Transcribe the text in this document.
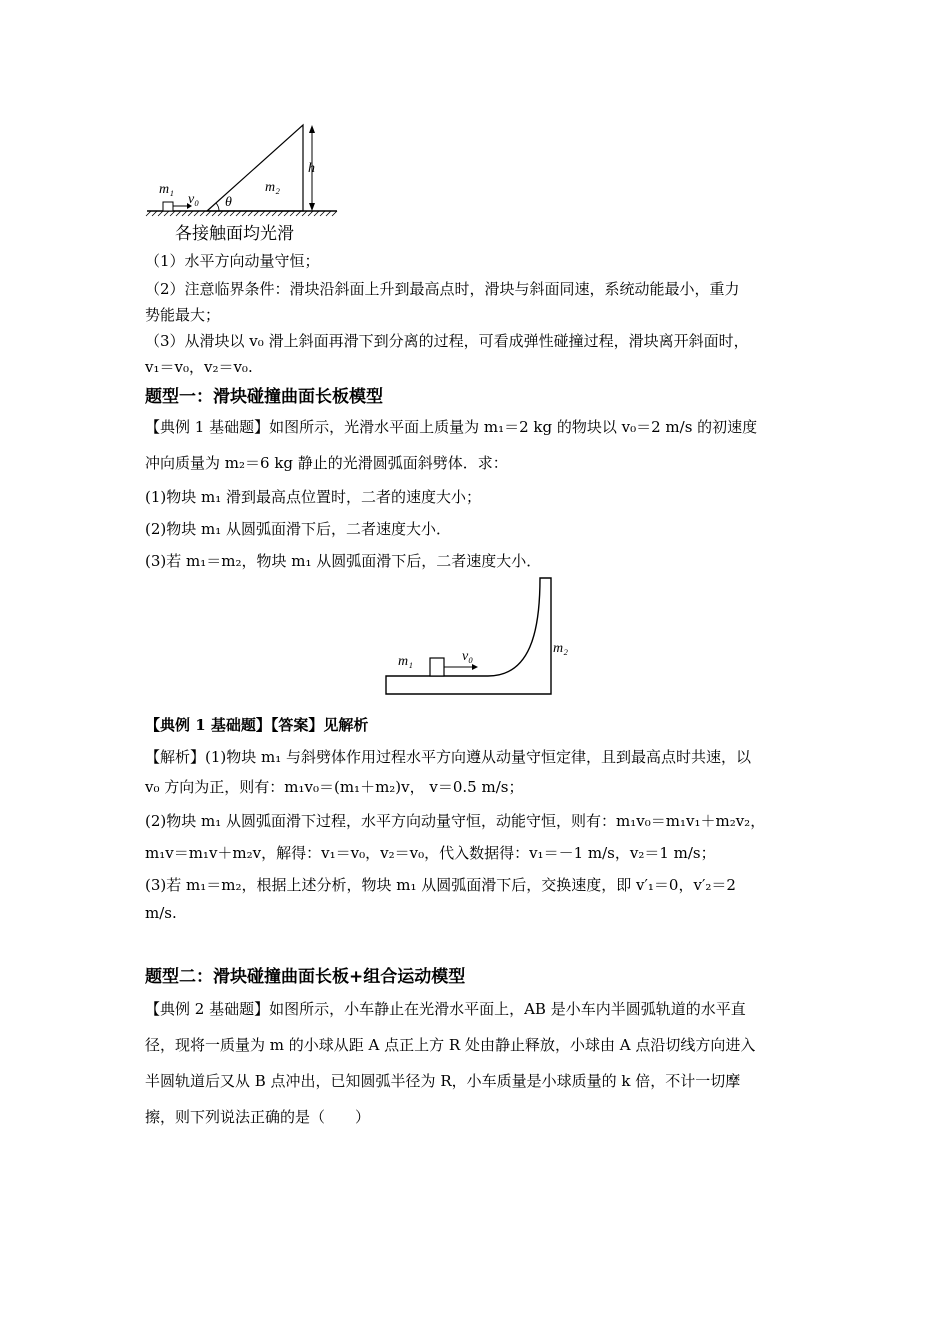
m₁
v₀ θ
m₂
h
各接触面均光滑
（1）水平方向动量守恒；
（2）注意临界条件：滑块沿斜面上升到最高点时，滑块与斜面同速，系统动能最小，重力
势能最大；
（3）从滑块以 v₀ 滑上斜面再滑下到分离的过程，可看成弹性碰撞过程，滑块离开斜面时，
v₁＝v₀，v₂＝v₀.
题型一：滑块碰撞曲面长板模型
【典例 1 基础题】如图所示，光滑水平面上质量为 m₁＝2 kg 的物块以 v₀＝2 m/s 的初速度
冲向质量为 m₂＝6 kg 静止的光滑圆弧面斜劈体．求：
(1)物块 m₁ 滑到最高点位置时，二者的速度大小；
(2)物块 m₁ 从圆弧面滑下后，二者速度大小．
(3)若 m₁＝m₂，物块 m₁ 从圆弧面滑下后，二者速度大小．
m₁	v₀
m₂
【典例 1 基础题】【答案】见解析
【解析】(1)物块 m₁ 与斜劈体作用过程水平方向遵从动量守恒定律，且到最高点时共速，以
v₀ 方向为正，则有：m₁v₀＝(m₁＋m₂)v， v＝0.5 m/s；
(2)物块 m₁ 从圆弧面滑下过程，水平方向动量守恒，动能守恒，则有：m₁v₀＝m₁v₁＋m₂v₂，
m₁v＝m₁v＋m₂v，解得：v₁＝v₀，v₂＝v₀，代入数据得：v₁＝－1 m/s，v₂＝1 m/s；
(3)若 m₁＝m₂，根据上述分析，物块 m₁ 从圆弧面滑下后，交换速度，即 v′₁＝0，v′₂＝2
m/s.
题型二：滑块碰撞曲面长板+组合运动模型
【典例 2 基础题】如图所示，小车静止在光滑水平面上，AB 是小车内半圆弧轨道的水平直
径，现将一质量为 m 的小球从距 A 点正上方 R 处由静止释放，小球由 A 点沿切线方向进入
半圆轨道后又从 B 点冲出，已知圆弧半径为 R，小车质量是小球质量的 k 倍，不计一切摩
擦，则下列说法正确的是（　　）
